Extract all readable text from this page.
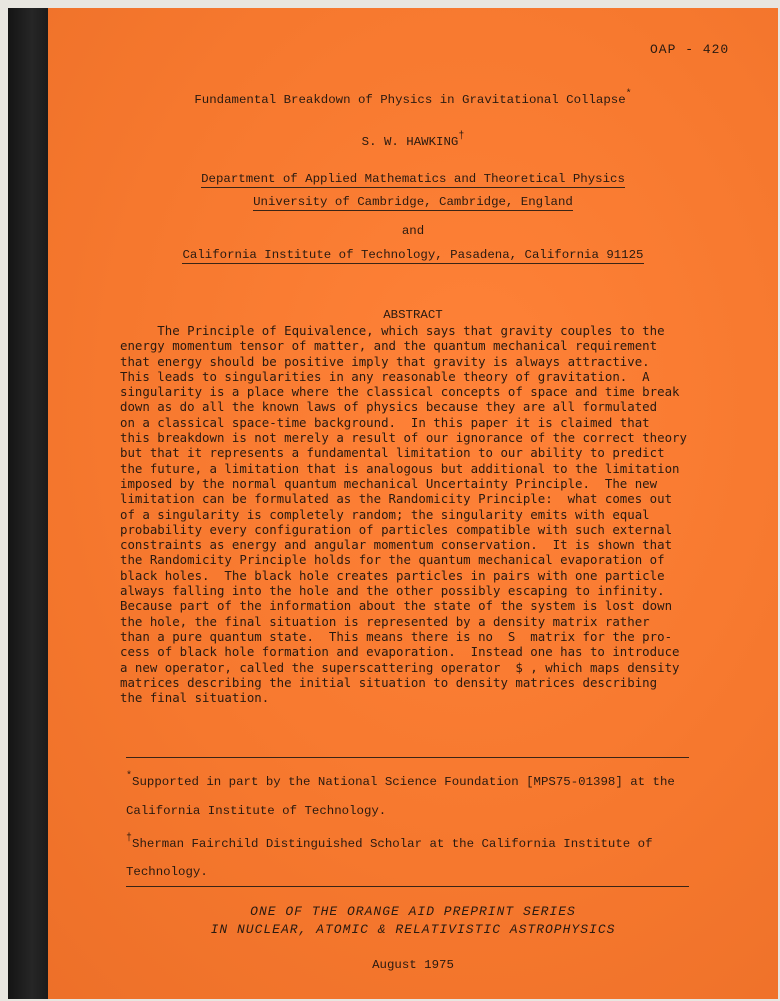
OAP - 420
Fundamental Breakdown of Physics in Gravitational Collapse*
S. W. HAWKING†
Department of Applied Mathematics and Theoretical Physics
University of Cambridge, Cambridge, England
and
California Institute of Technology, Pasadena, California 91125
ABSTRACT
The Principle of Equivalence, which says that gravity couples to the
energy momentum tensor of matter, and the quantum mechanical requirement
that energy should be positive imply that gravity is always attractive.
This leads to singularities in any reasonable theory of gravitation.  A
singularity is a place where the classical concepts of space and time break
down as do all the known laws of physics because they are all formulated
on a classical space-time background.  In this paper it is claimed that
this breakdown is not merely a result of our ignorance of the correct theory
but that it represents a fundamental limitation to our ability to predict
the future, a limitation that is analogous but additional to the limitation
imposed by the normal quantum mechanical Uncertainty Principle.  The new
limitation can be formulated as the Randomicity Principle:  what comes out
of a singularity is completely random; the singularity emits with equal
probability every configuration of particles compatible with such external
constraints as energy and angular momentum conservation.  It is shown that
the Randomicity Principle holds for the quantum mechanical evaporation of
black holes.  The black hole creates particles in pairs with one particle
always falling into the hole and the other possibly escaping to infinity.
Because part of the information about the state of the system is lost down
the hole, the final situation is represented by a density matrix rather
than a pure quantum state.  This means there is no  S  matrix for the pro-
cess of black hole formation and evaporation.  Instead one has to introduce
a new operator, called the superscattering operator  $ , which maps density
matrices describing the initial situation to density matrices describing
the final situation.
*Supported in part by the National Science Foundation [MPS75-01398] at the
California Institute of Technology.
†Sherman Fairchild Distinguished Scholar at the California Institute of
Technology.
ONE OF THE ORANGE AID PREPRINT SERIES
IN NUCLEAR, ATOMIC & RELATIVISTIC ASTROPHYSICS
August 1975
